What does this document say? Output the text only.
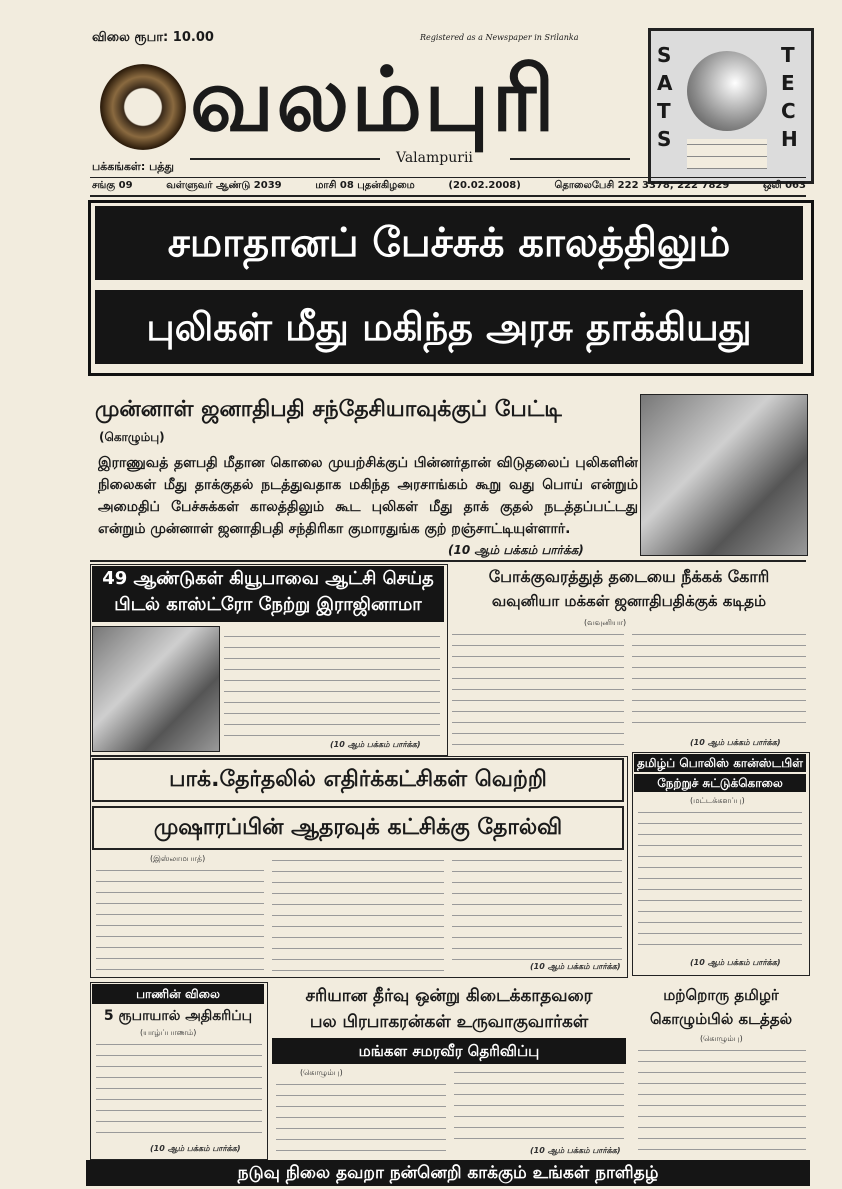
விலை ரூபா: 10.00	Registered as a Newspaper in Srilanka
வலம்புரி
Valampurii
பக்கங்கள்: பத்து
SATS
TECH
சங்கு 09	வள்ளுவர் ஆண்டு 2039	மாசி 08 புதன்கிழமை	(20.02.2008)	தொலைபேசி 222 3378, 222 7829	ஒலி 063
சமாதானப் பேச்சுக் காலத்திலும்
புலிகள் மீது மகிந்த அரசு தாக்கியது
முன்னாள் ஜனாதிபதி சந்தேசியாவுக்குப் பேட்டி
(கொழும்பு)
இராணுவத் தளபதி மீதான கொலை முயற்சிக்குப் பின்னர்தான் விடுதலைப் புலிகளின் நிலைகள் மீது தாக்குதல் நடத்துவதாக மகிந்த அரசாங்கம் கூறு வது பொய் என்றும் அமைதிப் பேச்சுக்கள் காலத்திலும் கூட புலிகள் மீது தாக் குதல் நடத்தப்பட்டது என்றும் முன்னாள் ஜனாதிபதி சந்திரிகா குமாரதுங்க குற் றஞ்சாட்டியுள்ளார்.
(10 ஆம் பக்கம் பார்க்க)
49 ஆண்டுகள் கியூபாவை ஆட்சி செய்த
பிடல் காஸ்ட்ரோ நேற்று இராஜினாமா
(10 ஆம் பக்கம் பார்க்க)
போக்குவரத்துத் தடையை நீக்கக் கோரி
வவுனியா மக்கள் ஜனாதிபதிக்குக் கடிதம்
(வவுனியா)
(10 ஆம் பக்கம் பார்க்க)
பாக்.தேர்தலில் எதிர்க்கட்சிகள் வெற்றி
முஷாரப்பின் ஆதரவுக் கட்சிக்கு தோல்வி
(இஸ்லாமபாத்)
(10 ஆம் பக்கம் பார்க்க)
தமிழ்ப் பொலிஸ் கான்ஸ்டபிள்
நேற்றுச் சுட்டுக்கொலை
(மட்டக்களப்பு)
(10 ஆம் பக்கம் பார்க்க)
பாணின் விலை
5 ரூபாயால் அதிகரிப்பு
(யாழ்ப்பாணம்)
(10 ஆம் பக்கம் பார்க்க)
சரியான தீர்வு ஒன்று கிடைக்காதவரை
பல பிரபாகரன்கள் உருவாகுவார்கள்
மங்கள சமரவீர தெரிவிப்பு
(கொழும்பு)
(10 ஆம் பக்கம் பார்க்க)
மற்றொரு தமிழர்
கொழும்பில் கடத்தல்
(கொழும்பு)
நடுவு நிலை தவறா நன்னெறி காக்கும் உங்கள் நாளிதழ்
